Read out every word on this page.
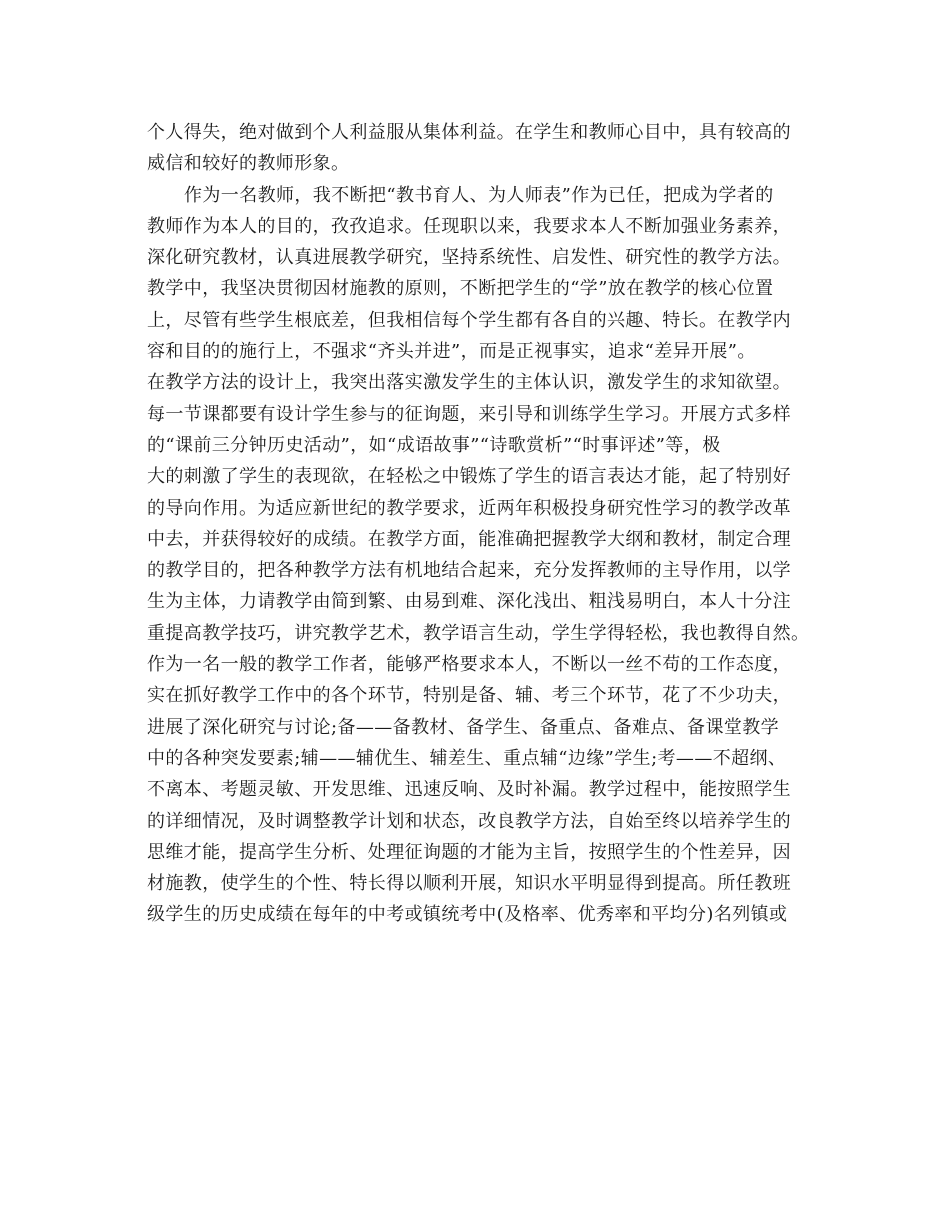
个人得失，绝对做到个人利益服从集体利益。在学生和教师心目中，具有较高的
威信和较好的教师形象。
作为一名教师，我不断把“教书育人、为人师表”作为已任，把成为学者的
教师作为本人的目的，孜孜追求。任现职以来，我要求本人不断加强业务素养，
深化研究教材，认真进展教学研究，坚持系统性、启发性、研究性的教学方法。
教学中，我坚决贯彻因材施教的原则，不断把学生的“学”放在教学的核心位置
上，尽管有些学生根底差，但我相信每个学生都有各自的兴趣、特长。在教学内
容和目的的施行上，不强求“齐头并进”，而是正视事实，追求“差异开展”。
在教学方法的设计上，我突出落实激发学生的主体认识，激发学生的求知欲望。
每一节课都要有设计学生参与的征询题，来引导和训练学生学习。开展方式多样
的“课前三分钟历史活动”，如“成语故事”“诗歌赏析”“时事评述”等，极
大的刺激了学生的表现欲，在轻松之中锻炼了学生的语言表达才能，起了特别好
的导向作用。为适应新世纪的教学要求，近两年积极投身研究性学习的教学改革
中去，并获得较好的成绩。在教学方面，能准确把握教学大纲和教材，制定合理
的教学目的，把各种教学方法有机地结合起来，充分发挥教师的主导作用，以学
生为主体，力请教学由简到繁、由易到难、深化浅出、粗浅易明白，本人十分注
重提高教学技巧，讲究教学艺术，教学语言生动，学生学得轻松，我也教得自然。
作为一名一般的教学工作者，能够严格要求本人，不断以一丝不苟的工作态度，
实在抓好教学工作中的各个环节，特别是备、辅、考三个环节，花了不少功夫，
进展了深化研究与讨论;备——备教材、备学生、备重点、备难点、备课堂教学
中的各种突发要素;辅——辅优生、辅差生、重点辅“边缘”学生;考——不超纲、
不离本、考题灵敏、开发思维、迅速反响、及时补漏。教学过程中，能按照学生
的详细情况，及时调整教学计划和状态，改良教学方法，自始至终以培养学生的
思维才能，提高学生分析、处理征询题的才能为主旨，按照学生的个性差异，因
材施教，使学生的个性、特长得以顺利开展，知识水平明显得到提高。所任教班
级学生的历史成绩在每年的中考或镇统考中(及格率、优秀率和平均分)名列镇或
